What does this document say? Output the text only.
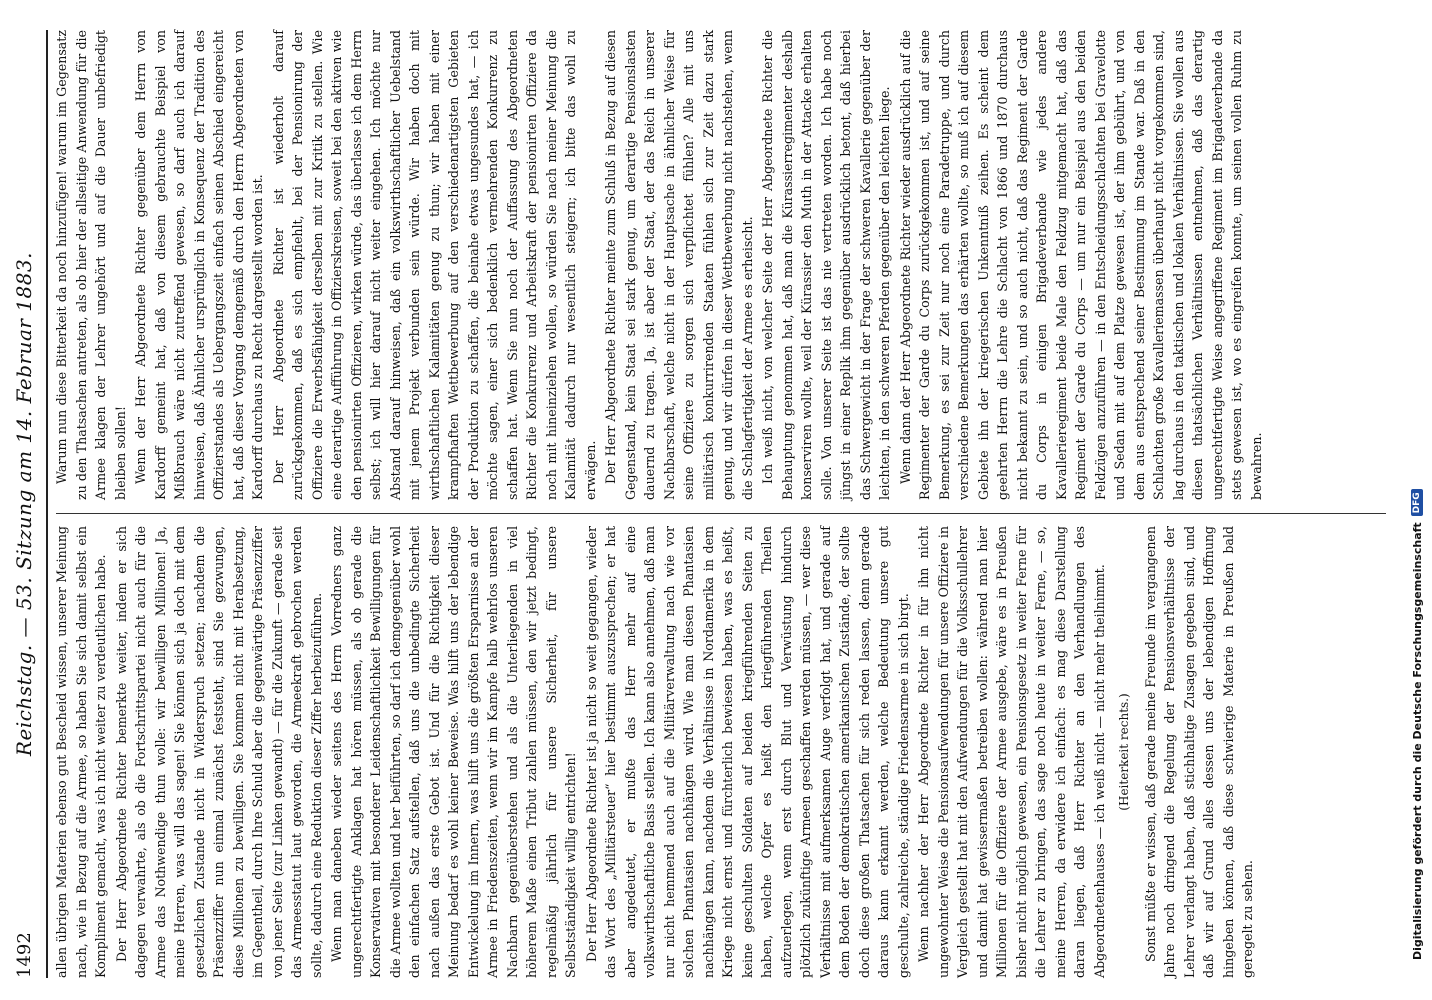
1492
Reichstag. — 53. Sitzung am 14. Februar 1883. allen übrigen Materien ebenso gut Bescheid wissen, unserer Meinung nach, wie in Bezug auf die Armee, so haben Sie sich damit selbst ein Kompliment gemacht, was ich nicht weiter zu verdeutlichen habe. Der Herr Abgeordnete Richter bemerkte weiter, indem er sich dagegen verwahrte, als ob die Fortschrittspartei nicht auch für die Armee das Nothwendige thun wolle: wir bewilligen Millionen! Ja, meine Herren, was will das sagen! Sie können sich ja doch mit dem gesetzlichen Zustande nicht in Widerspruch setzen; nachdem die Präsenzziffer nun einmal zunächst feststeht, sind Sie gezwungen, diese Millionen zu bewilligen. Sie kommen nicht mit Herabsetzung, im Gegentheil, durch Ihre Schuld aber die gegenwärtige Präsenzziffer von jener Seite (zur Linken gewandt) — für die Zukunft — gerade seit das Armeesstatut laut geworden, die Armeekraft gebrochen werden sollte, dadurch eine Reduktion dieser Ziffer herbeizuführen. Wenn man daneben wieder seitens des Herrn Vorredners ganz ungerechtfertigte Anklagen hat hören müssen, als ob gerade die Konservativen mit besonderer Leidenschaftlichkeit Bewilligungen für die Armee wollten und her beiführten, so darf ich demgegenüber wohl den einfachen Satz aufstellen, daß uns die unbedingte Sicherheit nach außen das erste Gebot ist. Und für die Richtigkeit dieser Meinung bedarf es wohl keiner Beweise. Was hilft uns der lebendige Entwickelung im Innern, was hilft uns die größten Ersparnisse an der Armee in Friedenszeiten, wenn wir im Kampfe halb wehrlos unseren Nachbarn gegenüberstehen und als die Unterliegenden in viel höherem Maße einen Tribut zahlen müssen, den wir jetzt bedingt, regelmäßig jährlich für unsere Sicherheit, für unsere Selbstständigkeit willig entrichten! Der Herr Abgeordnete Richter ist ja nicht so weit gegangen, wieder das Wort des „Militärsteuer“ hier bestimmt auszusprechen; er hat aber angedeutet, er mußte das Herr mehr auf eine volkswirthschaftliche Basis stellen. Ich kann also annehmen, daß man nur nicht hemmend auch auf die Militärverwaltung nach wie vor solchen Phantasien nachhängen wird. Wie man diesen Phantasien nachhängen kann, nachdem die Verhältnisse in Nordamerika in dem Kriege nicht ernst und fürchterlich bewiesen haben, was es heißt, keine geschulten Soldaten auf beiden kriegführenden Seiten zu haben, welche Opfer es heißt den kriegführenden Theilen aufzuerlegen, wenn erst durch Blut und Verwüstung hindurch plötzlich zukünftige Armeen geschaffen werden müssen, — wer diese Verhältnisse mit aufmerksamen Auge verfolgt hat, und gerade auf dem Boden der demokratischen amerikanischen Zustände, der sollte doch diese großen Thatsachen für sich reden lassen, denn gerade daraus kann erkannt werden, welche Bedeutung unsere gut geschulte, zahlreiche, ständige Friedensarmee in sich birgt. Wenn nachher der Herr Abgeordnete Richter in für ihn nicht ungewohnter Weise die Pensionsaufwendungen für unsere Offiziere in Vergleich gestellt hat mit den Aufwendungen für die Volksschullehrer und damit hat gewissermaßen betreiben wollen: während man hier Millionen für die Offiziere der Armee ausgebe, wäre es in Preußen bisher nicht möglich gewesen, ein Pensionsgesetz in weiter Ferne für die Lehrer zu bringen, das sage noch heute in weiter Ferne, — so, meine Herren, da erwidere ich einfach: es mag diese Darstellung daran liegen, daß Herr Richter an den Verhandlungen des Abgeordnetenhauses — ich weiß nicht — nicht mehr theilnimmt. (Heiterkeit rechts.) Sonst müßte er wissen, daß gerade meine Freunde im vergangenen Jahre noch dringend die Regelung der Pensionsverhältnisse der Lehrer verlangt haben, daß stichhaltige Zusagen gegeben sind, und daß wir auf Grund alles dessen uns der lebendigen Hoffnung hingeben können, daß diese schwierige Materie in Preußen bald geregelt zu sehen.

Warum nun diese Bitterkeit da noch hinzufügen! warum im Gegensatz zu den Thatsachen antreten, als ob hier der allseitige Anwendung für die Armee klagen der Lehrer ungehört und auf die Dauer unbefriedigt bleiben sollen! Wenn der Herr Abgeordnete Richter gegenüber dem Herrn von Kardorff gemeint hat, daß von diesem gebrauchte Beispiel von Mißbrauch wäre nicht zutreffend gewesen, so darf auch ich darauf hinweisen, daß Ähnlicher ursprünglich in Konsequenz der Tradition des Offizierstandes als Uebergangszeit einfach seinen Abschied eingereicht hat, daß dieser Vorgang demgemäß durch den Herrn Abgeordneten von Kardorff durchaus zu Recht dargestellt worden ist. Der Herr Abgeordnete Richter ist wiederholt darauf zurückgekommen, daß es sich empfiehlt, bei der Pensionirung der Offiziere die Erwerbsfähigkeit derselben mit zur Kritik zu stellen. Wie eine derartige Aufführung in Offizierskreisen, soweit bei den aktiven wie den pensionirten Offizieren, wirken würde, das überlasse ich dem Herrn selbst; ich will hier darauf nicht weiter eingehen. Ich möchte nur Abstand darauf hinweisen, daß ein volkswirthschaftlicher Uebelstand mit jenem Projekt verbunden sein würde. Wir haben doch mit wirthschaftlichen Kalamitäten genug zu thun; wir haben mit einer krampfhaften Wettbewerbung auf den verschiedenartigsten Gebieten der Produktion zu schaffen, die beinahe etwas ungesundes hat, — ich möchte sagen, einer sich bedenklich vermehrenden Konkurrenz zu schaffen hat. Wenn Sie nun noch der Auffassung des Abgeordneten Richter die Konkurrenz und Arbeitskraft der pensionirten Offiziere da noch mit hineinziehen wollen, so würden Sie nach meiner Meinung die Kalamität dadurch nur wesentlich steigern; ich bitte das wohl zu erwägen. Der Herr Abgeordnete Richter meinte zum Schluß in Bezug auf diesen Gegenstand, kein Staat sei stark genug, um derartige Pensionslasten dauernd zu tragen. Ja, ist aber der Staat, der das Reich in unserer Nachbarschaft, welche nicht in der Hauptsache in ähnlicher Weise für seine Offiziere zu sorgen sich verpflichtet fühlen? Alle mit uns militärisch konkurrirenden Staaten fühlen sich zur Zeit dazu stark genug, und wir dürfen in dieser Wettbewerbung nicht nachstehen, wenn die Schlagfertigkeit der Armee es erheischt. Ich weiß nicht, von welcher Seite der Herr Abgeordnete Richter die Behauptung genommen hat, daß man die Kürassierregimenter deshalb konserviren wollte, weil der Kürassier den Muth in der Attacke erhalten solle. Von unserer Seite ist das nie vertreten worden. Ich habe noch jüngst in einer Replik ihm gegenüber ausdrücklich betont, daß hierbei das Schwergewicht in der Frage der schweren Kavallerie gegenüber der leichten, in den schweren Pferden gegenüber den leichten liege. Wenn dann der Herr Abgeordnete Richter wieder ausdrücklich auf die Regimenter der Garde du Corps zurückgekommen ist, und auf seine Bemerkung, es sei zur Zeit nur noch eine Paradetruppe, und durch verschiedene Bemerkungen das erhärten wollte, so muß ich auf diesem Gebiete ihn der kriegerischen Unkenntniß zeihen. Es scheint dem geehrten Herrn die Lehre die Schlacht von 1866 und 1870 durchaus nicht bekannt zu sein, und so auch nicht, daß das Regiment der Garde du Corps in einigen Brigadeverbande wie jedes andere Kavallerieregiment beide Male den Feldzug mitgemacht hat, daß das Regiment der Garde du Corps — um nur ein Beispiel aus den beiden Feldzügen anzuführen — in den Entscheidungsschlachten bei Gravelotte und Sedan mit auf dem Platze gewesen ist, der ihm gebührt, und von dem aus entsprechend seiner Bestimmung im Stande war. Daß in den Schlachten große Kavalleriemassen überhaupt nicht vorgekommen sind, lag durchaus in den taktischen und lokalen Verhältnissen. Sie wollen aus diesen thatsächlichen Verhältnissen entnehmen, daß das derartig ungerechtfertigte Weise angegriffene Regiment im Brigadeverbande da stets gewesen ist, wo es eingreifen konnte, um seinen vollen Ruhm zu bewahren.

Digitalisierung gefördert durch die Deutsche Forschungsgemeinschaft
DFG
